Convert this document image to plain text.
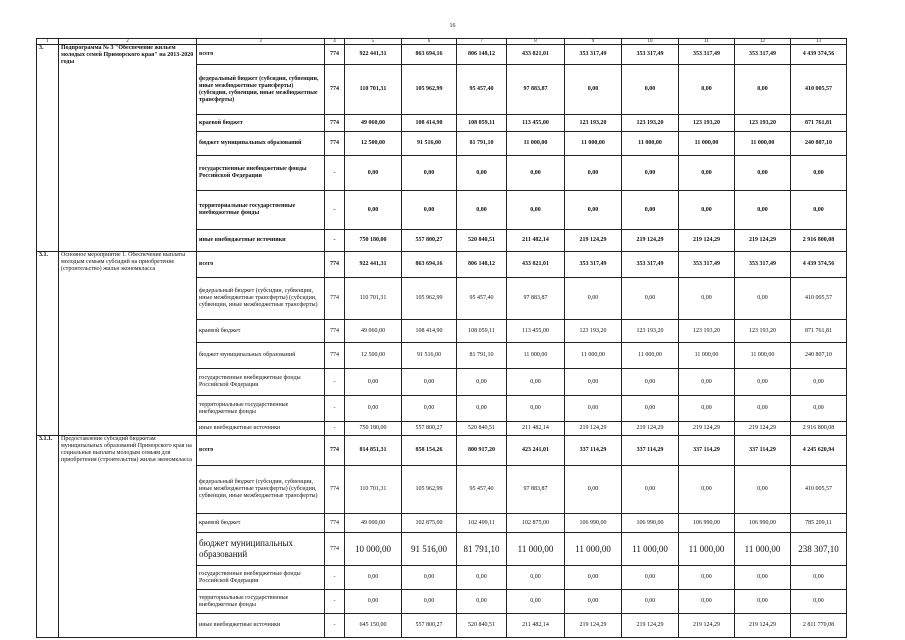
16
1	2	3	4	5	6	7	8	9	10	11	12	13
3.	Подпрограмма № 3 "Обеспечение жильем молодых семей Приморского края" на 2013-2020 годы	всего	774	922 441,31	863 694,16	806 148,12	433 821,01	353 317,49	353 317,49	353 317,49	353 317,49	4 439 374,56
		федеральный бюджет (субсидии, субвенции, иные межбюджетные трансферты) (субсидии, субвенции, иные межбюджетные трансферты)	774	110 701,31	105 962,99	95 457,40	97 883,87	0,00	0,00	0,00	0,00	410 005,57
		краевой бюджет	774	49 060,00	108 414,90	108 059,11	113 455,00	123 193,20	123 193,20	123 193,20	123 193,20	871 761,81
		бюджет муниципальных образований	774	12 500,00	91 516,00	81 791,10	11 000,00	11 000,00	11 000,00	11 000,00	11 000,00	240 807,10
		государственные внебюджетные фонды Российской Федерации	-	0,00	0,00	0,00	0,00	0,00	0,00	0,00	0,00	0,00
		территориальные государственные внебюджетные фонды	-	0,00	0,00	0,00	0,00	0,00	0,00	0,00	0,00	0,00
		иные внебюджетные источники	-	750 180,00	557 800,27	520 840,51	211 482,14	219 124,29	219 124,29	219 124,29	219 124,29	2 916 800,08
3.1.	Основное мероприятие 1. Обеспечение выплаты молодым семьям субсидий на приобретение (строительство) жилья экономкласса	всего	774	922 441,31	863 694,16	806 148,12	433 821,01	353 317,49	353 317,49	353 317,49	353 317,49	4 439 374,56
		федеральный бюджет (субсидии, субвенции, иные межбюджетные трансферты) (субсидии, субвенции, иные межбюджетные трансферты)	774	110 701,31	105 962,99	95 457,40	97 883,87	0,00	0,00	0,00	0,00	410 005,57
		краевой бюджет	774	49 060,00	108 414,90	108 059,11	113 455,00	123 193,20	123 193,20	123 193,20	123 193,20	871 761,81
		бюджет муниципальных образований	774	12 500,00	91 516,00	81 791,10	11 000,00	11 000,00	11 000,00	11 000,00	11 000,00	240 807,10
		государственные внебюджетные фонды Российской Федерации	-	0,00	0,00	0,00	0,00	0,00	0,00	0,00	0,00	0,00
		территориальные государственные внебюджетные фонды	-	0,00	0,00	0,00	0,00	0,00	0,00	0,00	0,00	0,00
		иные внебюджетные источники	-	750 180,00	557 800,27	520 840,51	211 482,14	219 124,29	219 124,29	219 124,29	219 124,29	2 916 800,08
3.1.1.	Предоставление субсидий бюджетам муниципальных образований Приморского края на социальные выплаты молодым семьям для приобретения (строительства) жилья экономкласса	всего	774	814 851,31	858 154,26	800 917,20	423 241,01	337 114,29	337 114,29	337 114,29	337 114,29	4 245 620,94
		федеральный бюджет (субсидии, субвенции, иные межбюджетные трансферты) (субсидии, субвенции, иные межбюджетные трансферты)	774	110 701,31	105 962,99	95 457,40	97 883,87	0,00	0,00	0,00	0,00	410 005,57
		краевой бюджет	774	49 000,00	102 875,00	102 499,11	102 875,00	106 990,00	106 990,00	106 990,00	106 990,00	785 209,11
		бюджет муниципальных образований	774	10 000,00	91 516,00	81 791,10	11 000,00	11 000,00	11 000,00	11 000,00	11 000,00	238 307,10
		государственные внебюджетные фонды Российской Федерации	-	0,00	0,00	0,00	0,00	0,00	0,00	0,00	0,00	0,00
		территориальные государственные внебюджетные фонды	-	0,00	0,00	0,00	0,00	0,00	0,00	0,00	0,00	0,00
		иные внебюджетные источники	-	645 150,00	557 800,27	520 840,51	211 482,14	219 124,29	219 124,29	219 124,29	219 124,29	2 811 770,08
